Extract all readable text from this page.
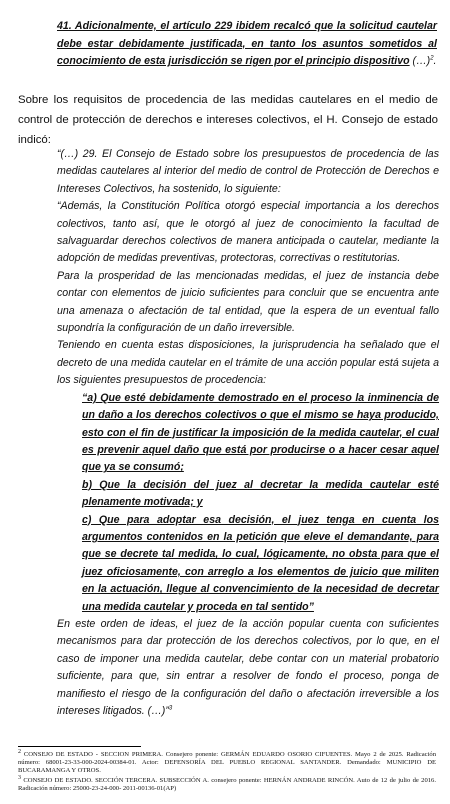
41. Adicionalmente, el artículo 229 ibidem recalcó que la solicitud cautelar debe estar debidamente justificada, en tanto los asuntos sometidos al conocimiento de esta jurisdicción se rigen por el principio dispositivo (…)$^2$.
Sobre los requisitos de procedencia de las medidas cautelares en el medio de control de protección de derechos e intereses colectivos, el H. Consejo de estado indicó:

“(…) 29. El Consejo de Estado sobre los presupuestos de procedencia de las medidas cautelares al interior del medio de control de Protección de Derechos e Intereses Colectivos, ha sostenido, lo siguiente:

“Además, la Constitución Política otorgó especial importancia a los derechos colectivos, tanto así, que le otorgó al juez de conocimiento la facultad de salvaguardar derechos colectivos de manera anticipada o cautelar, mediante la adopción de medidas preventivas, protectoras, correctivas o restitutorias.

Para la prosperidad de las mencionadas medidas, el juez de instancia debe contar con elementos de juicio suficientes para concluir que se encuentra ante una amenaza o afectación de tal entidad, que la espera de un eventual fallo supondría la configuración de un daño irreversible.

Teniendo en cuenta estas disposiciones, la jurisprudencia ha señalado que el decreto de una medida cautelar en el trámite de una acción popular está sujeta a los siguientes presupuestos de procedencia:

“a) Que esté debidamente demostrado en el proceso la inminencia de un daño a los derechos colectivos o que el mismo se haya producido, esto con el fin de justificar la imposición de la medida cautelar, el cual es prevenir aquel daño que está por producirse o a hacer cesar aquel que ya se consumó;

b) Que la decisión del juez al decretar la medida cautelar esté plenamente motivada; y

c) Que para adoptar esa decisión, el juez tenga en cuenta los argumentos contenidos en la petición que eleve el demandante, para que se decrete tal medida, lo cual, lógicamente, no obsta para que el juez oficiosamente, con arreglo a los elementos de juicio que militen en la actuación, llegue al convencimiento de la necesidad de decretar una medida cautelar y proceda en tal sentido”

En este orden de ideas, el juez de la acción popular cuenta con suficientes mecanismos para dar protección de los derechos colectivos, por lo que, en el caso de imponer una medida cautelar, debe contar con un material probatorio suficiente, para que, sin entrar a resolver de fondo el proceso, ponga de manifiesto el riesgo de la configuración del daño o afectación irreversible a los intereses litigados. (…)”$^3$

$^2$ CONSEJO DE ESTADO - SECCION PRIMERA. Consejero ponente: GERMÁN EDUARDO OSORIO CIFUENTES. Mayo 2 de 2025. Radicación número: 68001-23-33-000-2024-00384-01. Actor: DEFENSORÍA DEL PUEBLO REGIONAL SANTANDER. Demandado: MUNICIPIO DE BUCARAMANGA Y OTROS.

$^3$ CONSEJO DE ESTADO. SECCIÓN TERCERA. SUBSECCIÓN A. consejero ponente: HERNÁN ANDRADE RINCÓN. Auto de 12 de julio de 2016. Radicación número: 25000-23-24-000- 2011-00136-01(AP)
